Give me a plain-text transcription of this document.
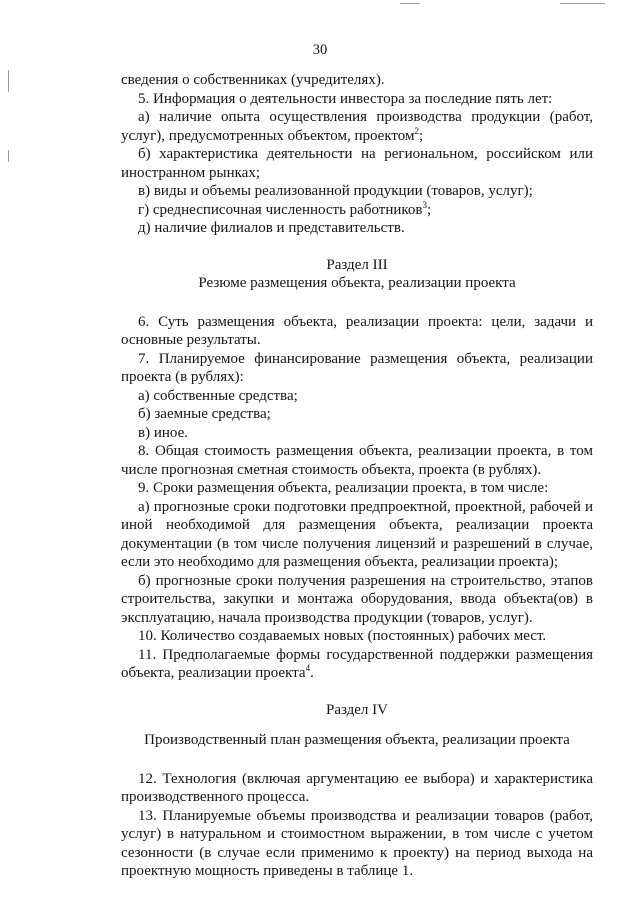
30

сведения о собственниках (учредителях).

5. Информация о деятельности инвестора за последние пять лет:

а) наличие опыта осуществления производства продукции (работ, услуг), предусмотренных объектом, проектом$^2$;

б) характеристика деятельности на региональном, российском или иностранном рынках;

в) виды и объемы реализованной продукции (товаров, услуг);

г) среднесписочная численность работников$^3$;

д) наличие филиалов и представительств.

Раздел III

Резюме размещения объекта, реализации проекта

6. Суть размещения объекта, реализации проекта: цели, задачи и основные результаты.

7. Планируемое финансирование размещения объекта, реализации проекта (в рублях):

а) собственные средства;

б) заемные средства;

в) иное.

8. Общая стоимость размещения объекта, реализации проекта, в том числе прогнозная сметная стоимость объекта, проекта (в рублях).

9. Сроки размещения объекта, реализации проекта, в том числе:

а) прогнозные сроки подготовки предпроектной, проектной, рабочей и иной необходимой для размещения объекта, реализации проекта документации (в том числе получения лицензий и разрешений в случае, если это необходимо для размещения объекта, реализации проекта);

б) прогнозные сроки получения разрешения на строительство, этапов строительства, закупки и монтажа оборудования, ввода объекта(ов) в эксплуатацию, начала производства продукции (товаров, услуг).

10. Количество создаваемых новых (постоянных) рабочих мест.

11. Предполагаемые формы государственной поддержки размещения объекта, реализации проекта$^4$.

Раздел IV

Производственный план размещения объекта, реализации проекта

12. Технология (включая аргументацию ее выбора) и характеристика производственного процесса.

13. Планируемые объемы производства и реализации товаров (работ, услуг) в натуральном и стоимостном выражении, в том числе с учетом сезонности (в случае если применимо к проекту) на период выхода на проектную мощность приведены в таблице 1.
